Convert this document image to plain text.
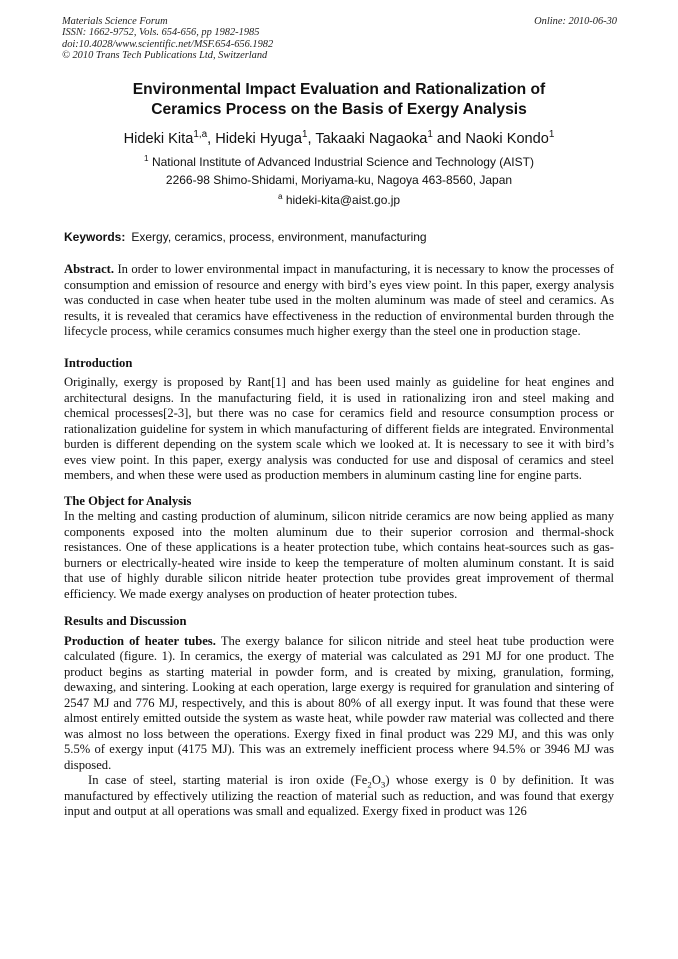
Materials Science Forum
ISSN: 1662-9752, Vols. 654-656, pp 1982-1985
doi:10.4028/www.scientific.net/MSF.654-656.1982
© 2010 Trans Tech Publications Ltd, Switzerland
Online: 2010-06-30
Environmental Impact Evaluation and Rationalization of
Ceramics Process on the Basis of Exergy Analysis
Hideki Kita$^{1,a}$, Hideki Hyuga$^1$, Takaaki Nagaoka$^1$ and Naoki Kondo$^1$
$^1$ National Institute of Advanced Industrial Science and Technology (AIST)
2266-98 Shimo-Shidami, Moriyama-ku, Nagoya 463-8560, Japan
$^a$ hideki-kita@aist.go.jp
Keywords: Exergy, ceramics, process, environment, manufacturing

Abstract. In order to lower environmental impact in manufacturing, it is necessary to know the processes of consumption and emission of resource and energy with bird’s eyes view point. In this paper, exergy analysis was conducted in case when heater tube used in the molten aluminum was made of steel and ceramics. As results, it is revealed that ceramics have effectiveness in the reduction of environmental burden through the lifecycle process, while ceramics consumes much higher exergy than the steel one in production stage.

Introduction

Originally, exergy is proposed by Rant[1] and has been used mainly as guideline for heat engines and architectural designs. In the manufacturing field, it is used in rationalizing iron and steel making and chemical processes[2-3], but there was no case for ceramics field and resource consumption process or rationalization guideline for system in which manufacturing of different fields are integrated. Environmental burden is different depending on the system scale which we looked at. It is necessary to see it with bird’s eves view point. In this paper, exergy analysis was conducted for use and disposal of ceramics and steel members, and when these were used as production members in aluminum casting line for engine parts.

The Object for Analysis

In the melting and casting production of aluminum, silicon nitride ceramics are now being applied as many components exposed into the molten aluminum due to their superior corrosion and thermal-shock resistances. One of these applications is a heater protection tube, which contains heat-sources such as gas-burners or electrically-heated wire inside to keep the temperature of molten aluminum constant. It is said that use of highly durable silicon nitride heater protection tube provides great improvement of thermal efficiency. We made exergy analyses on production of heater protection tubes.

Results and Discussion

Production of heater tubes. The exergy balance for silicon nitride and steel heat tube production were calculated (figure. 1). In ceramics, the exergy of material was calculated as 291 MJ for one product. The product begins as starting material in powder form, and is created by mixing, granulation, forming, dewaxing, and sintering. Looking at each operation, large exergy is required for granulation and sintering of 2547 MJ and 776 MJ, respectively, and this is about 80% of all exergy input. It was found that these were almost entirely emitted outside the system as waste heat, while powder raw material was collected and there was almost no loss between the operations. Exergy fixed in final product was 229 MJ, and this was only 5.5% of exergy input (4175 MJ). This was an extremely inefficient process where 94.5% or 3946 MJ was disposed.

In case of steel, starting material is iron oxide $(Fe_2O_3)$ whose exergy is 0 by definition. It was manufactured by effectively utilizing the reaction of material such as reduction, and was found that exergy input and output at all operations was small and equalized. Exergy fixed in product was 126
